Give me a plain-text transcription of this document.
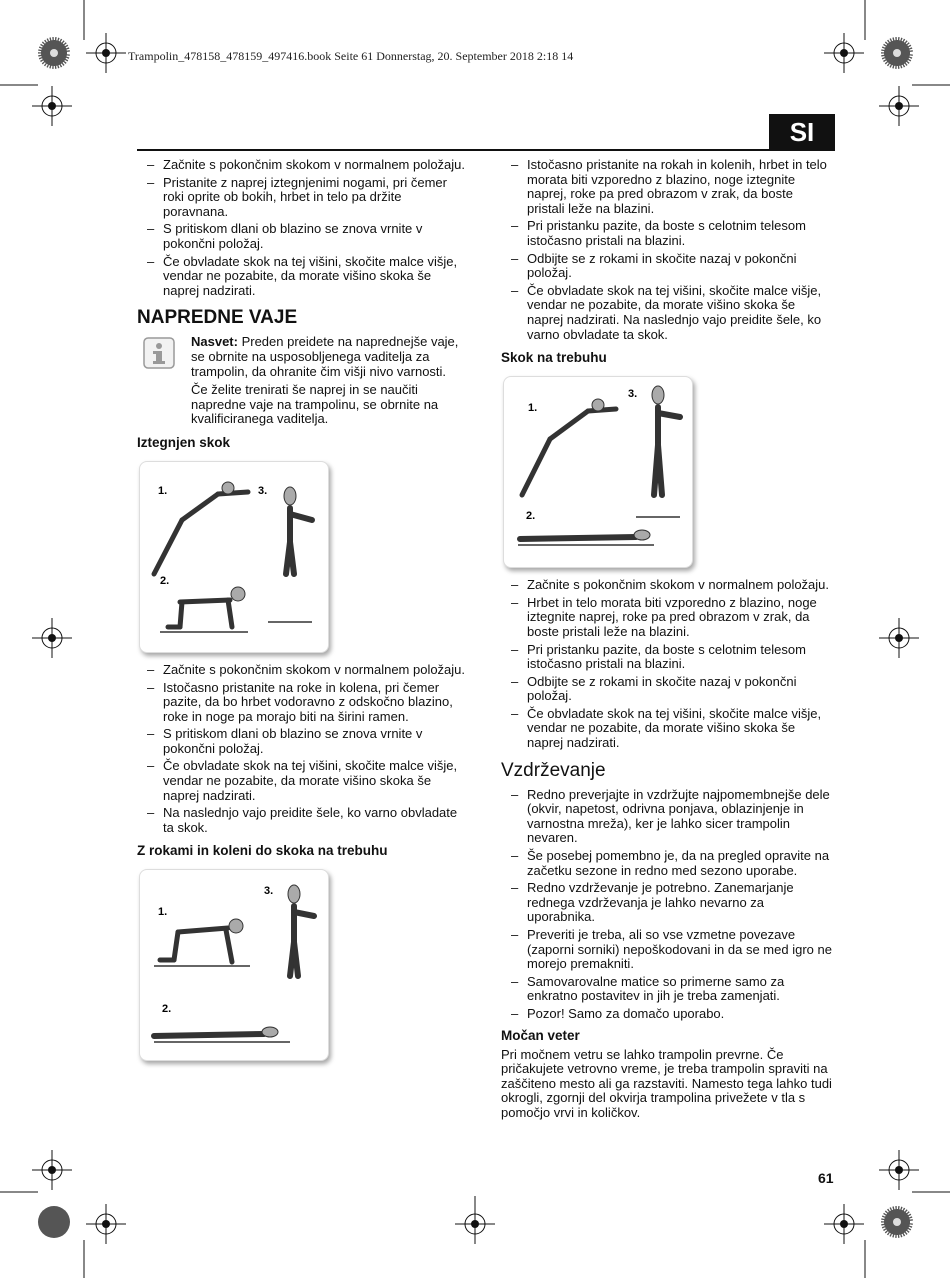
Trampolin_478158_478159_497416.book Seite 61 Donnerstag, 20. September 2018 2:18 14
SI
– Začnite s pokončnim skokom v normalnem položaju.
– Pristanite z naprej iztegnjenimi nogami, pri čemer roki oprite ob bokih, hrbet in telo pa držite poravnana.
– S pritiskom dlani ob blazino se znova vrnite v pokončni položaj.
– Če obvladate skok na tej višini, skočite malce višje, vendar ne pozabite, da morate višino skoka še naprej nadzirati.
NAPREDNE VAJE

Nasvet: Preden preidete na naprednejše vaje, se obrnite na usposobljenega vaditelja za trampolin, da ohranite čim višji nivo varnosti.

Če želite trenirati še naprej in se naučiti napredne vaje na trampolinu, se obrnite na kvalificiranega vaditelja.

Iztegnjen skok
1.
2.
3.
– Začnite s pokončnim skokom v normalnem položaju.
– Istočasno pristanite na roke in kolena, pri čemer pazite, da bo hrbet vodoravno z odskočno blazino, roke in noge pa morajo biti na širini ramen.
– S pritiskom dlani ob blazino se znova vrnite v pokončni položaj.
– Če obvladate skok na tej višini, skočite malce višje, vendar ne pozabite, da morate višino skoka še naprej nadzirati.
– Na naslednjo vajo preidite šele, ko varno obvladate ta skok.
Z rokami in koleni do skoka na trebuhu
1.
2.
3.
– Istočasno pristanite na rokah in kolenih, hrbet in telo morata biti vzporedno z blazino, noge iztegnite naprej, roke pa pred obrazom v zrak, da boste pristali leže na blazini.
– Pri pristanku pazite, da boste s celotnim telesom istočasno pristali na blazini.
– Odbijte se z rokami in skočite nazaj v pokončni položaj.
– Če obvladate skok na tej višini, skočite malce višje, vendar ne pozabite, da morate višino skoka še naprej nadzirati. Na naslednjo vajo preidite šele, ko varno obvladate ta skok.
Skok na trebuhu
1.
2.
3.
– Začnite s pokončnim skokom v normalnem položaju.
– Hrbet in telo morata biti vzporedno z blazino, noge iztegnite naprej, roke pa pred obrazom v zrak, da boste pristali leže na blazini.
– Pri pristanku pazite, da boste s celotnim telesom istočasno pristali na blazini.
– Odbijte se z rokami in skočite nazaj v pokončni položaj.
– Če obvladate skok na tej višini, skočite malce višje, vendar ne pozabite, da morate višino skoka še naprej nadzirati.
Vzdrževanje
– Redno preverjajte in vzdržujte najpomembnejše dele (okvir, napetost, odrivna ponjava, oblazinjenje in varnostna mreža), ker je lahko sicer trampolin nevaren.
– Še posebej pomembno je, da na pregled opravite na začetku sezone in redno med sezono uporabe.
– Redno vzdrževanje je potrebno. Zanemarjanje rednega vzdrževanja je lahko nevarno za uporabnika.
– Preveriti je treba, ali so vse vzmetne povezave (zaporni sorniki) nepoškodovani in da se med igro ne morejo premakniti.
– Samovarovalne matice so primerne samo za enkratno postavitev in jih je treba zamenjati.
– Pozor! Samo za domačo uporabo.
Močan veter

Pri močnem vetru se lahko trampolin prevrne. Če pričakujete vetrovno vreme, je treba trampolin spraviti na zaščiteno mesto ali ga razstaviti. Namesto tega lahko tudi okrogli, zgornji del okvirja trampolina privežete v tla s pomočjo vrvi in količkov.

61
